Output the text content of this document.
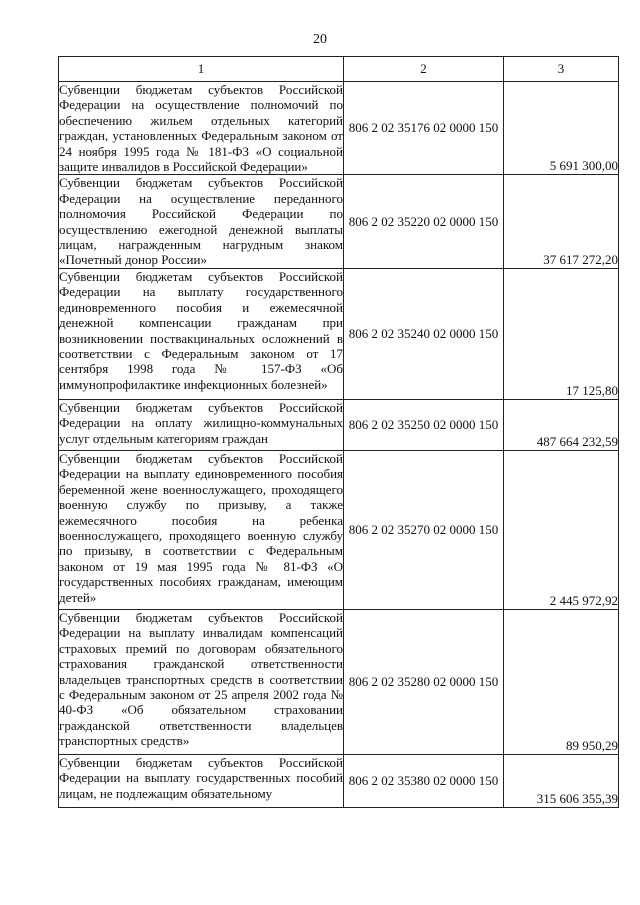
20
1	2	3
Субвенции бюджетам субъектов Российской Федерации на осуществление полномочий по обеспечению жильем отдельных категорий граждан, установленных Федеральным законом от 24 ноября 1995 года № 181-ФЗ «О социальной защите инвалидов в Российской Федерации»	806 2 02 35176 02 0000 150	5 691 300,00
Субвенции бюджетам субъектов Российской Федерации на осуществление переданного полномочия Российской Федерации по осуществлению ежегодной денежной выплаты лицам, награжденным нагрудным знаком «Почетный донор России»	806 2 02 35220 02 0000 150	37 617 272,20
Субвенции бюджетам субъектов Российской Федерации на выплату государственного единовременного пособия и ежемесячной денежной компенсации гражданам при возникновении поствакцинальных осложнений в соответствии с Федеральным законом от 17 сентября 1998 года № 157-ФЗ «Об иммунопрофилактике инфекционных болезней»	806 2 02 35240 02 0000 150	17 125,80
Субвенции бюджетам субъектов Российской Федерации на оплату жилищно-коммунальных услуг отдельным категориям граждан	806 2 02 35250 02 0000 150	487 664 232,59
Субвенции бюджетам субъектов Российской Федерации на выплату единовременного пособия беременной жене военнослужащего, проходящего военную службу по призыву, а также ежемесячного пособия на ребенка военнослужащего, проходящего военную службу по призыву, в соответствии с Федеральным законом от 19 мая 1995 года № 81-ФЗ «О государственных пособиях гражданам, имеющим детей»	806 2 02 35270 02 0000 150	2 445 972,92
Субвенции бюджетам субъектов Российской Федерации на выплату инвалидам компенсаций страховых премий по договорам обязательного страхования гражданской ответственности владельцев транспортных средств в соответствии с Федеральным законом от 25 апреля 2002 года № 40-ФЗ «Об обязательном страховании гражданской ответственности владельцев транспортных средств»	806 2 02 35280 02 0000 150	89 950,29
Субвенции бюджетам субъектов Российской Федерации на выплату государственных пособий лицам, не подлежащим обязательному	806 2 02 35380 02 0000 150	315 606 355,39
